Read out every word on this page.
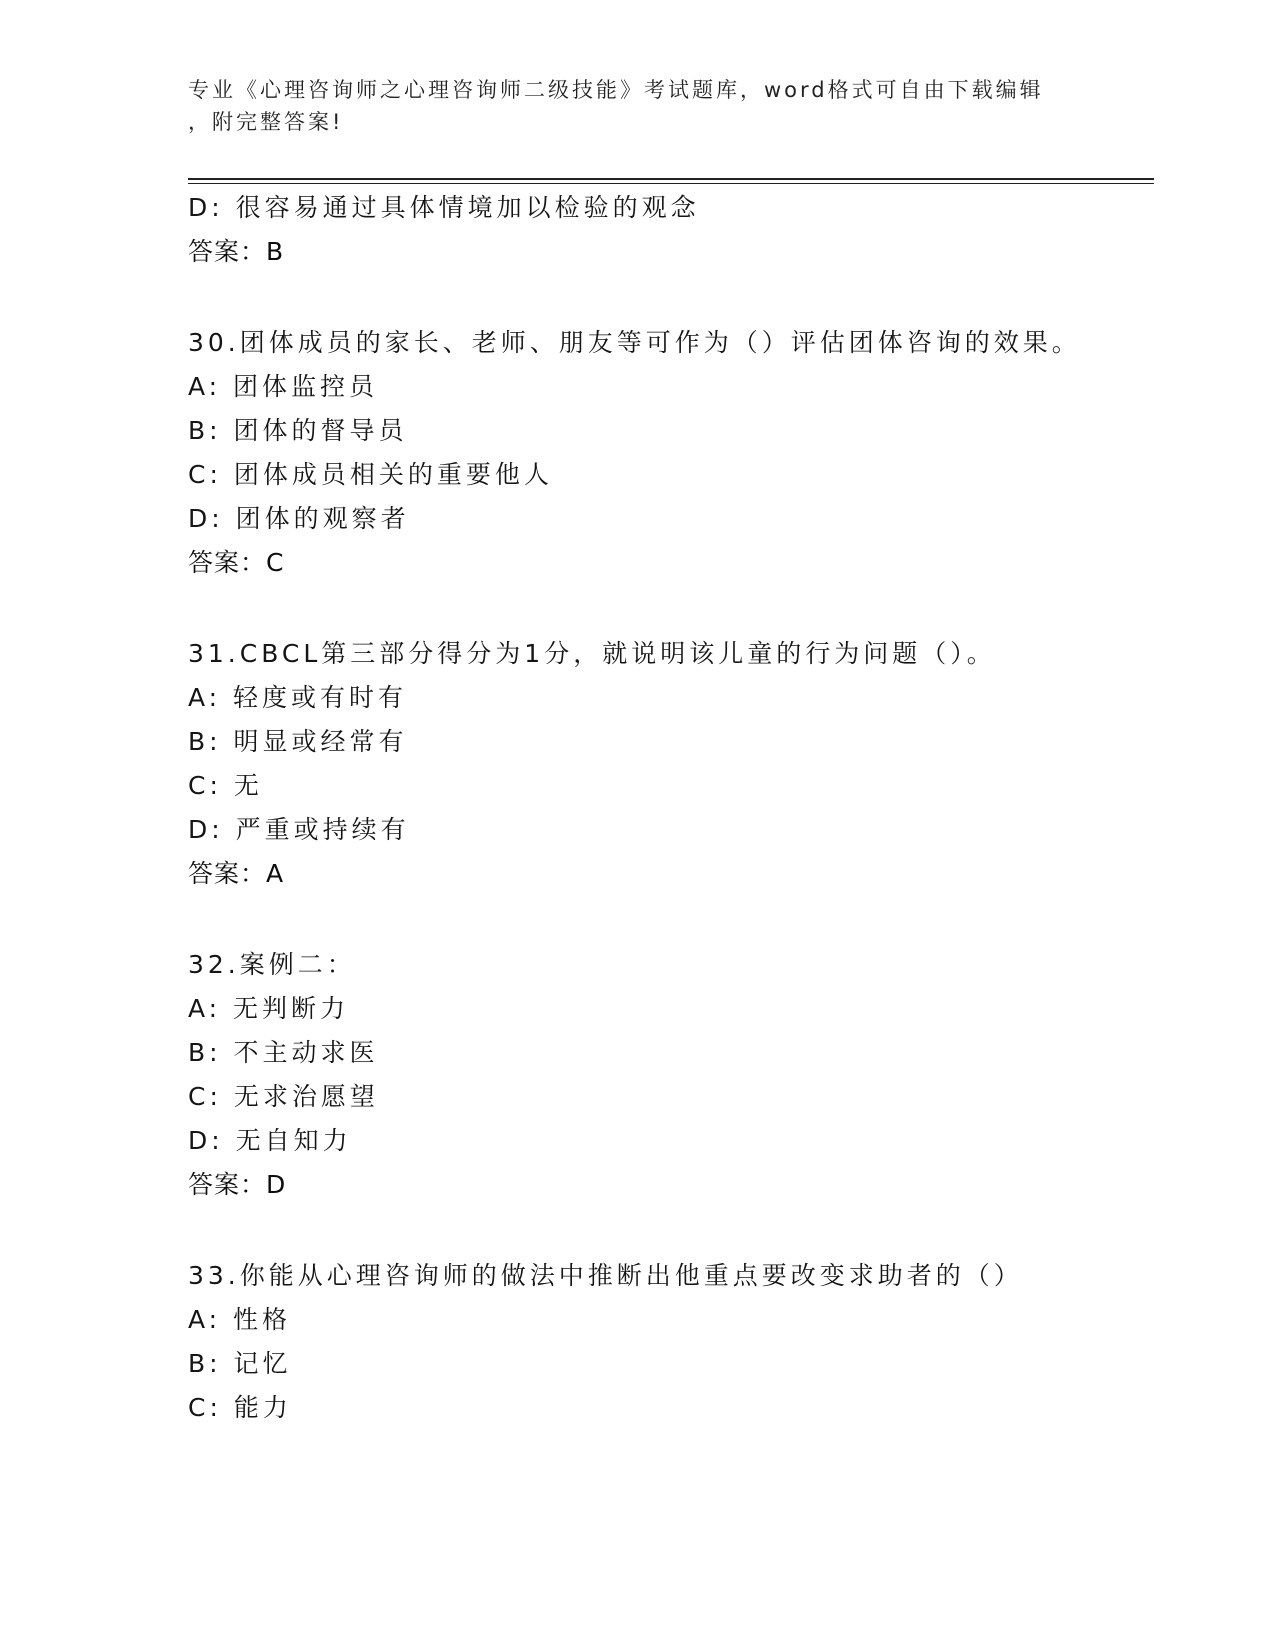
专业《心理咨询师之心理咨询师二级技能》考试题库，word格式可自由下载编辑
，附完整答案!
D: 很容易通过具体情境加以检验的观念
答案：B
30.团体成员的家长、老师、朋友等可作为（）评估团体咨询的效果。
A: 团体监控员
B: 团体的督导员
C: 团体成员相关的重要他人
D: 团体的观察者
答案：C
31.CBCL第三部分得分为1分，就说明该儿童的行为问题（）。
A: 轻度或有时有
B: 明显或经常有
C: 无
D: 严重或持续有
答案：A
32.案例二：
A: 无判断力
B: 不主动求医
C: 无求治愿望
D: 无自知力
答案：D
33.你能从心理咨询师的做法中推断出他重点要改变求助者的（）
A: 性格
B: 记忆
C: 能力
